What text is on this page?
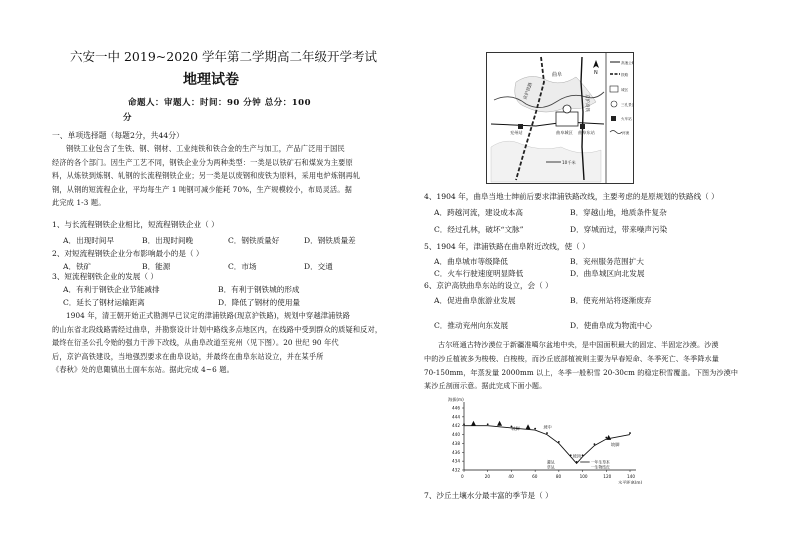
六安一中 2019~2020 学年第二学期高二年级开学考试
地理试卷
命题人：审题人：时间：90 分钟 总分：100
分
一、单项选择题（每题2分，共44分）
钢铁工业包含了生铁、钢、钢材、工业纯铁和铁合金的生产与加工，产品广泛用于国民
经济的各个部门。因生产工艺不同，钢铁企业分为两种类型：一类是以铁矿石和煤炭为主要原
料，从炼铁到炼钢、轧钢的长流程钢铁企业；另一类是以废钢和废铁为原料，采用电炉炼钢再轧
钢，从钢的短流程企业，平均每生产 1 吨钢可减少能耗 70%，生产规模较小，布局灵活。据
此完成 1-3 题。
1、与长流程钢铁企业相比，短流程钢铁企业（ ）
A．出现时间早	B．出现时间晚	C．钢铁质量好	D．钢铁质量差
2、对短流程钢铁企业分布影响最小的是（ ）
A．铁矿	B．能源	C．市场	D．交通
3、短流程钢铁企业的发展（ ）
A．有利于钢铁企业节能减排	B．有利于钢铁城的形成
C．延长了钢材运输距离	D．降低了钢材的使用量
1904 年，清王朝开始正式勘测早已议定的津浦铁路(现京沪铁路)，规划中穿越津浦铁路
的山东省北段线路需经过曲阜，并勘察设计计划中路线多点地区内，在线路中受到群众的质疑和反对，
最终在衍圣公孔令贻的强力干涉下改线，从曲阜改道至兖州（见下图）。20 世纪 90 年代
后，京沪高铁建设，当地强烈要求在曲阜设站，并最终在曲阜东站设立，并在某乎所
《春秋》处的息陬镇出土面车东站。据此完成 4~6 题。
曲阜
京沪铁路
京沪高铁
曲阜城区 曲阜东站
兖州站
10千米
N
高速公路
铁路
城区
三孔景区
火车站
河流
4、1904 年，曲阜当地士绅前后要求津浦铁路改线，主要考虑的是原规划的铁路线（ ）
A．跨越河流，建设成本高	B．穿越山地，地质条件复杂
C．经过孔林，破坏“文脉”	D．穿城而过，带来噪声污染
5、1904 年，津浦铁路在曲阜附近改线，使（ ）
A．曲阜城市等级降低	B．兖州服务范围扩大
C．火车行驶速度明显降低	D．曲阜城区向北发展
6、京沪高铁曲阜东站的设立，会（ ）
A．促进曲阜旅游业发展	B．使兖州站将逐渐废弃
C．推动兖州向东发展	D．使曲阜成为物流中心
古尔班通古特沙漠位于新疆准噶尔盆地中央，是中国面积最大的固定、半固定沙漠。沙漠
中的沙丘植被多为梭梭、白梭梭，而沙丘底部植被则主要为早春短命、冬季死亡、冬季降水量
70-150mm，年蒸发量 2000mm 以上，冬季一般积雪 20-30cm 的稳定积雪覆盖。下图为沙漠中
某沙丘剖面示意。据此完成下面小题。
海拔(m)
水平距离(m)
432
434
436
438
440
442
444
446
0	20	40	60	80	100	120	140
坡顶
坡中
坡脚
坡脚
一年生草本
一生物结皮
灌丛
草丛
7、沙丘土壤水分最丰富的季节是（ ）
